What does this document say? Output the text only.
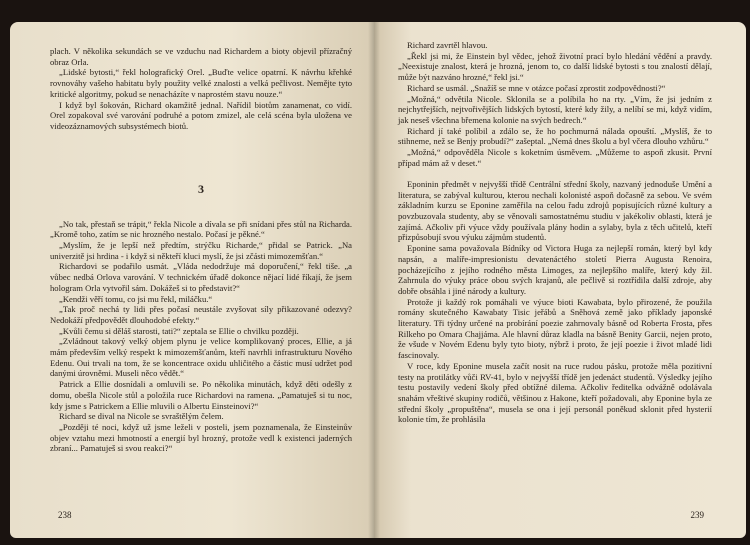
plach. V několika sekundách se ve vzduchu nad Richardem a bioty objevil přízračný obraz Orla.

„Lidské bytosti,“ řekl holografický Orel. „Buďte velice opatrní. K návrhu křehké rovnováhy vašeho habitatu byly použity velké znalosti a velká pečlivost. Nemějte tyto kritické algoritmy, pokud se nenacházíte v naprostém stavu nouze.“

I když byl šokován, Richard okamžitě jednal. Nařídil biotům zanamenat, co vidí. Orel zopakoval své varování podruhé a potom zmizel, ale celá scéna byla uložena ve videozáznamových subsystémech biotů.

3

„No tak, přestaň se trápit,“ řekla Nicole a dívala se při snídani přes stůl na Richarda. „Kromě toho, zatím se nic hrozného nestalo. Počasí je pěkné.“

„Myslím, že je lepší než předtím, strýčku Richarde,“ přidal se Patrick. „Na univerzitě jsi hrdina - i když si někteří kluci myslí, že jsi zčásti mimozemšťan.“

Richardovi se podařilo usmát. „Vláda nedodržuje má doporučení,“ řekl tiše. „a vůbec nedbá Orlova varování. V technickém úřadě dokonce nějací lidé říkají, že jsem hologram Orla vytvořil sám. Dokážeš si to představit?“

„Kendži věří tomu, co jsi mu řekl, miláčku.“

„Tak proč nechá ty lidi přes počasí neustále zvyšovat síly přikazované odezvy? Nedokáží předpovědět dlouhodobé efekty.“

„Kvůli čemu si děláš starosti, tati?“ zeptala se Ellie o chvilku později.

„Zvládnout takový velký objem plynu je velice komplikovaný proces, Ellie, a já mám především velký respekt k mimozemšťanům, kteří navrhli infrastrukturu Nového Edenu. Oui trvali na tom, že se koncentrace oxidu uhličitého a částic musí udržet pod danými úrovněmi. Museli něco vědět.“

Patrick a Ellie dosnídali a omluvili se. Po několika minutách, když děti odešly z domu, obešla Nicole stůl a položila ruce Richardovi na ramena. „Pamatuješ si tu noc, kdy jsme s Patrickem a Ellie mluvili o Albertu Einsteinovi?“

Richard se dival na Nicole se svraštělým čelem.

„Později té noci, když už jsme leželi v posteli, jsem poznamenala, že Einsteinův objev vztahu mezi hmotností a energií byl hrozný, protože vedl k existenci jaderných zbraní... Pamatuješ si svou reakci?“

238

Richard zavrtěl hlavou.

„Řekl jsi mi, že Einstein byl vědec, jehož životní prací bylo hledání vědění a pravdy. „Neexistuje znalost, která je hrozná, jenom to, co další lidské bytosti s tou znalostí dělají, může být nazváno hrozné,“ řekl jsi.“

Richard se usmál. „Snažíš se mne v otázce počasí zprostit zodpovědnosti?“

„Možná,“ odvětila Nicole. Sklonila se a políbila ho na rty. „Vím, že jsi jedním z nejchytřejších, nejtvořivějších lidských bytostí, které kdy žily, a nelíbí se mi, když vidím, jak neseš všechna břemena kolonie na svých bedrech.“

Richard jí také políbil a zdálo se, že ho pochmurná nálada opouští. „Myslíš, že to stihneme, než se Benjy probudí?“ zašeptal. „Nemá dnes školu a byl včera dlouho vzhůru.“

„Možná,“ odpověděla Nicole s koketním úsměvem. „Můžeme to aspoň zkusit. První případ mám až v deset.“

Eponinin předmět v nejvyšší třídě Centrální střední školy, nazvaný jednoduše Umění a literatura, se zabýval kulturou, kterou nechali kolonisté aspoň dočasně za sebou. Ve svém základním kurzu se Eponine zaměřila na celou řadu zdrojů popisujících různé kultury a povzbuzovala studenty, aby se věnovali samostatnému studiu v jakékoliv oblasti, která je zajímá. Ačkoliv při výuce vždy používala plány hodin a sylaby, byla z těch učitelů, kteří přizpůsobují svou výuku zájmům studentů.

Eponine sama považovala Bídníky od Victora Huga za nejlepší román, který byl kdy napsán, a malíře-impresionistu devatenáctého století Pierra Augusta Renoira, pocházejícího z jejího rodného města Limoges, za nejlepšího malíře, který kdy žil. Zahrnula do výuky práce obou svých krajanů, ale pečlivě si roztřídila další zdroje, aby dobře obsáhla i jiné národy a kultury.

Protože ji každý rok pomáhali ve výuce bioti Kawabata, bylo přirozené, že použila romány skutečného Kawabaty Tisic jeřábů a Sněhová země jako příklady japonské literatury. Tři týdny určené na probírání poezie zahrnovaly básně od Roberta Frosta, přes Rilkeho po Omara Chajjáma. Ale hlavní důraz kladla na básně Benity Garcii, nejen proto, že všude v Novém Edenu byly tyto bioty, nýbrž i proto, že její poezie i život mladé lidi fascinovaly.

V roce, kdy Eponine musela začít nosit na ruce rudou pásku, protože měla pozitivní testy na protilátky vůči RV-41, bylo v nejvyšší třídě jen jedenáct studentů. Výsledky jejího testu postavily vedení školy před obtížné dilema. Ačkoliv ředitelka odvážně odolávala snahám vřeštivé skupiny rodičů, většinou z Hakone, kteří požadovali, aby Eponine byla ze střední školy „propuštěna“, musela se ona i její personál poněkud sklonit před hysterií kolonie tím, že prohlásila

239
